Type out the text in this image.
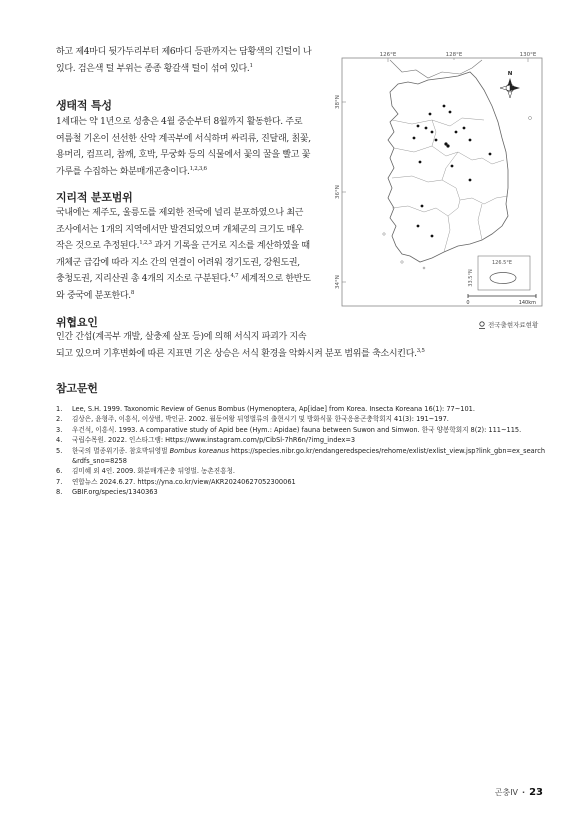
하고 제4마디 뒷가두리부터 제6마디 등판까지는 담황색의 긴털이 나
있다. 검은색 털 부위는 종종 황갈색 털이 섞여 있다.$^1$

생태적 특성

1세대는 약 1년으로 성충은 4월 중순부터 8월까지 활동한다. 주로
여름철 기온이 선선한 산악 계곡부에 서식하며 싸리류, 진달래, 칡꽃,
용머리, 컴프리, 참깨, 호박, 무궁화 등의 식물에서 꽃의 꿀을 빨고 꽃
가루를 수집하는 화분매개곤충이다.$^{1,2,3,6}$

지리적 분포범위

국내에는 제주도, 울릉도를 제외한 전국에 널리 분포하였으나 최근
조사에서는 1개의 지역에서만 발견되었으며 개체군의 크기도 매우
작은 것으로 추정된다.$^{1,2,3}$ 과거 기록을 근거로 지소를 계산하였을 때
개체군 급감에 따라 지소 간의 연결이 어려워 경기도권, 강원도권,
충청도권, 지리산권 총 4개의 지소로 구분된다.$^{4,7}$ 세계적으로 한반도
와 중국에 분포한다.$^8$

위협요인

인간 간섭(계곡부 개발, 살충제 살포 등)에 의해 서식지 파괴가 지속
되고 있으며 기후변화에 따른 지표면 기온 상승은 서식 환경을 악화시켜 분포 범위를 축소시킨다.$^{3,5}$

126°E	128°E	130°E
38°N
36°N
34°N
N
126.5°E
33.5°N
0	140km
전국출현자료현황
참고문헌
1.	Lee, S.H. 1999. Taxonomic Review of Genus Bombus (Hymenoptera, Ap[idae] from Korea. Insecta Koreana 16(1): 77~101.
2.	김상은, 윤형주, 이흥식, 이상범, 박인균. 2002. 월동여왕 뒤영벌류의 출현시기 및 방화식물 한국응용곤충학회지 41(3): 191~197.
3.	우건석, 이흥식. 1993. A comparative study of Apid bee (Hym.: Apidae) fauna between Suwon and Simwon. 한국 양봉학회지 8(2): 111~115.
4.	국립수목원. 2022. 인스타그램: Https://www.instagram.com/p/CibSl-7hR6n/?img_index=3
5.	한국의 멸종위기종. 참호박뒤영벌 Bombus koreanus https://species.nibr.go.kr/endangeredspecies/rehome/exlist/exlist_view.jsp?link_gbn=ex_search&rdfs_sno=8258
6.	김미혜 외 4인. 2009. 화분매개곤충 뒤영벌. 농촌진흥청.
7.	연합뉴스 2024.6.27. https://yna.co.kr/view/AKR20240627052300061
8.	GBIF.org/species/1340363
곤충IV · 23
